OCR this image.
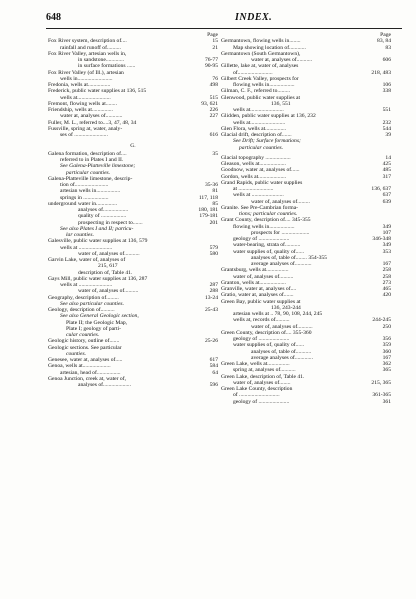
648	INDEX.
Page
Fox River system, description of....	15
rainfall and runoff of..........	21
Fox River Valley, artesian wells in,
in sandstone.............	76-77
in surface formations ......	90-95
Fox River Valley (of Ill.), artesian
wells in.........................	76
Fredonia, wells at................	498
Frederick, public water supplies at 136, 515
wells at........................	515
Fremont, flowing wells at........	93, 621
Friendship, wells at...............	226
water at, analyses of............	227
Fuller, M. L., referred to....3, 47, 48, 34
Fussville, spring at, water, analy-
ses of ........................	616
G.
Galena formation, description of....	35
referred to in Plates I and II.
See Galena-Platteville limestone;
particular counties.
Galena-Platteville limestone, descrip-
tion of........................	35-36
artesian wells in.................	81
springs in ..................	117, 118
underground water in...............	85
analyses of..................	180, 181
quality of ..................	179-181
prospecting in respect to.......	201
See also Plates I and II; particu-
lar counties.
Galesville, public water supplies at 136, 579
wells at ........................	579
water of, analyses of...........	580
Garvin Lake, water of, analyses of
215, 617
description of, Table 41.
Gays Mill, public water supplies at 136, 287
wells at ........................	287
water of, analyses of..........	288
Geography, description of.........	13-24
See also particular counties.
Geology, description of..........	25-43
See also General Geologic section,
Plate II; the Geologic Map,
Plate I; geology of parti-
cular counties.
Geologic history, outline of.......	25-26
Geologic sections. See particular
counties.
Genesee, water at, analyses of.....	617
Genoa, wells at....................	584
artesian, head of.................	64
Genoa Junction, creek at, water of,
analyses of....................	596
Page
Germantown, flowing wells in........	83, 84
Map showing location of............	83
Germantown (South Germantown),
water at, analyses of...........	606
Gillette, lake at, water of, analyses
of.........................	218, 483
Gilbert Creek Valley, prospects for
flowing wells in..................	106
Gilman, C. F., referred to.........	338
Glenwood, public water supplies at
136, 551
wells at........................	551
Glidden, public water supplies at 136, 232
wells at.........................	232
Glen Flora, wells at...............	544
Glacial drift, description of.......	39
See Drift; Surface formations;
particular counties.
Glacial topography ..................	14
Gleason, wells at...................	425
Goodnow, water at, analyses of......	485
Gordon, wells at....................	317
Grand Rapids, public water supplies
at .........................	136, 637
wells at .......................	637
water of, analyses of.........	639
Granite. See Pre-Cambrian forma-
tions; particular counties.
Grant County, description of.... 345-355
flowing wells in..................	349
prospects for ....................	107
geology of ......................	346-348
water-bearing, strata of...........	349
water supplies of, quality of......	353
analyses of, table of........ 354-355
average analyses of............	167
Grantsburg, wells at................	258
water of, analyses of..........	258
Granton, wells at...................	273
Granville, water at, analyses of....	465
Gratio, water at, analyses of.......	420
Green Bay, public water supplies at
136, 243-244
artesian wells at .. 78, 90, 108, 244, 245
wells at, records of..........	244-245
water of, analyses of...........	250
Green County, description of.... 355-360
geology of ......................	356
water supplies of, quality of......	359
analyses of, table of...........	360
average analyses of.............	167
Green Lake, wells at................	362
spring at, analyses of...........	365
Green Lake, description of, Table 41.
water of, analyses of........	215, 365
Green Lake County, description
of .............................	361-365
geology of ......................	361
